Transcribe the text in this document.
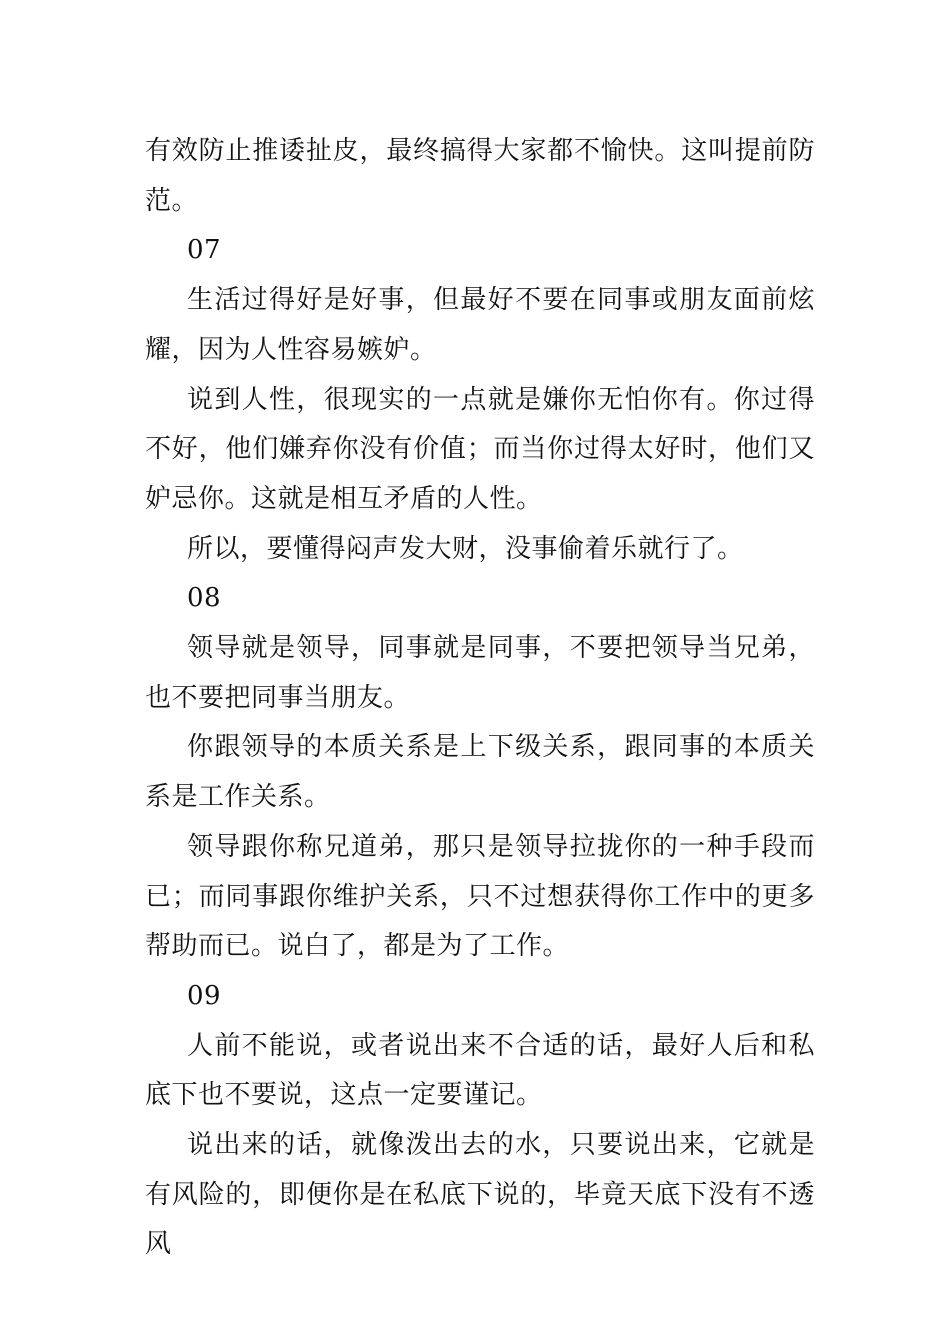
有效防止推诿扯皮，最终搞得大家都不愉快。这叫提前防范。

07

生活过得好是好事，但最好不要在同事或朋友面前炫耀，因为人性容易嫉妒。

说到人性，很现实的一点就是嫌你无怕你有。你过得不好，他们嫌弃你没有价值；而当你过得太好时，他们又妒忌你。这就是相互矛盾的人性。

所以，要懂得闷声发大财，没事偷着乐就行了。

08

领导就是领导，同事就是同事，不要把领导当兄弟，也不要把同事当朋友。

你跟领导的本质关系是上下级关系，跟同事的本质关系是工作关系。

领导跟你称兄道弟，那只是领导拉拢你的一种手段而已；而同事跟你维护关系，只不过想获得你工作中的更多帮助而已。说白了，都是为了工作。

09

人前不能说，或者说出来不合适的话，最好人后和私底下也不要说，这点一定要谨记。

说出来的话，就像泼出去的水，只要说出来，它就是有风险的，即便你是在私底下说的，毕竟天底下没有不透风
